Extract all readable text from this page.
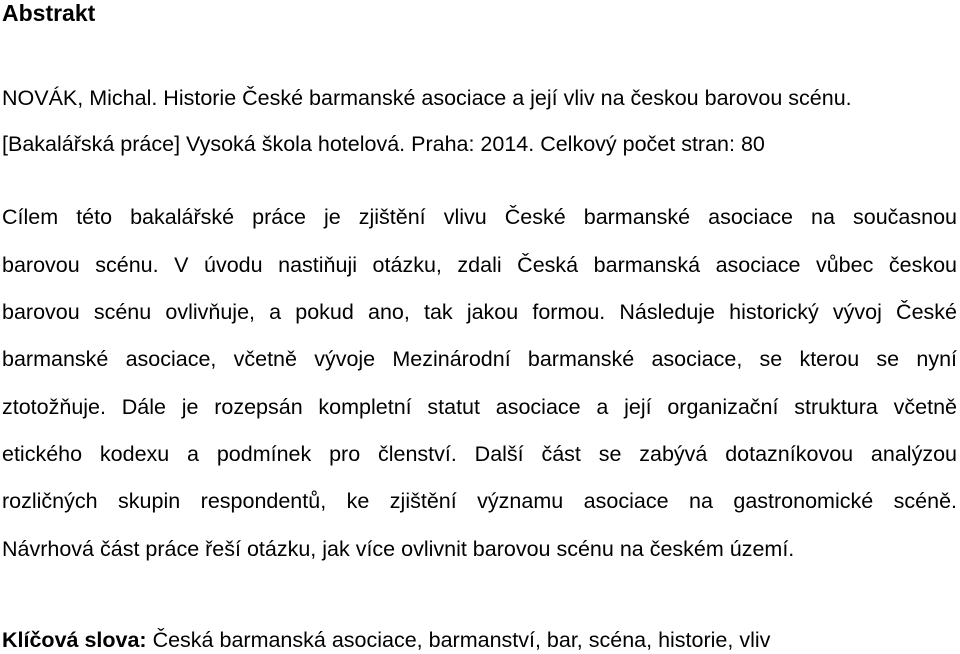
Abstrakt
NOVÁK, Michal. Historie České barmanské asociace a její vliv na českou barovou scénu.
[Bakalářská práce] Vysoká škola hotelová. Praha: 2014. Celkový počet stran: 80
Cílem této bakalářské práce je zjištění vlivu České barmanské asociace na současnou
barovou scénu. V úvodu nastiňuji otázku, zdali Česká barmanská asociace vůbec českou
barovou scénu ovlivňuje, a pokud ano, tak jakou formou. Následuje historický vývoj České
barmanské asociace, včetně vývoje Mezinárodní barmanské asociace, se kterou se nyní
ztotožňuje. Dále je rozepsán kompletní statut asociace a její organizační struktura včetně
etického kodexu a podmínek pro členství. Další část se zabývá dotazníkovou analýzou
rozličných skupin respondentů, ke zjištění významu asociace na gastronomické scéně.
Návrhová část práce řeší otázku, jak více ovlivnit barovou scénu na českém území.
Klíčová slova: Česká barmanská asociace, barmanství, bar, scéna, historie, vliv
